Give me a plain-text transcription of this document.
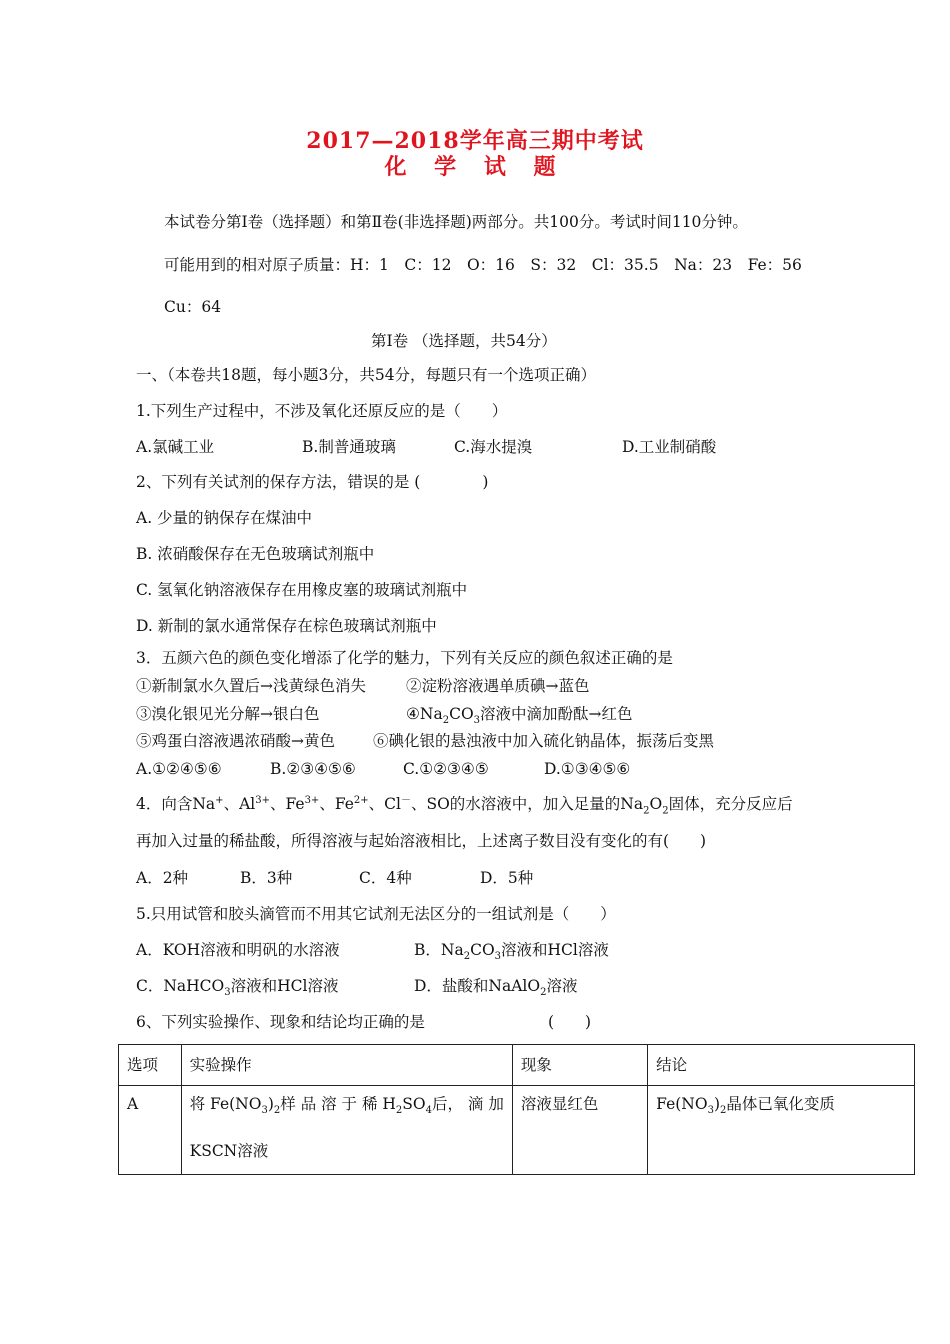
2017—2018学年高三期中考试
化 学 试 题
本试卷分第Ⅰ卷（选择题）和第Ⅱ卷(非选择题)两部分。共100分。考试时间110分钟。
可能用到的相对原子质量：H：1　C：12　O：16　S：32　Cl：35.5　Na：23　Fe：56
Cu：64
第Ⅰ卷 （选择题，共54分）
一、（本卷共18题，每小题3分，共54分，每题只有一个选项正确）
1.下列生产过程中，不涉及氧化还原反应的是（　　）
A.氯碱工业	B.制普通玻璃	C.海水提溴	D.工业制硝酸
2、下列有关试剂的保存方法，错误的是 (　　　　)
A. 少量的钠保存在煤油中
B. 浓硝酸保存在无色玻璃试剂瓶中
C. 氢氧化钠溶液保存在用橡皮塞的玻璃试剂瓶中
D. 新制的氯水通常保存在棕色玻璃试剂瓶中
3．五颜六色的颜色变化增添了化学的魅力，下列有关反应的颜色叙述正确的是
①新制氯水久置后→浅黄绿色消失	②淀粉溶液遇单质碘→蓝色
③溴化银见光分解→银白色	$④Na_2CO_3$溶液中滴加酚酞→红色
⑤鸡蛋白溶液遇浓硝酸→黄色 ⑥碘化银的悬浊液中加入硫化钠晶体，振荡后变黑
A.①②④⑤⑥	B.②③④⑤⑥	C.①②③④⑤	D.①③④⑤⑥
4．向含Na+、$Al^{3+}$、$Fe^{3+}$、$Fe^{2+}$、Cl－、SO的水溶液中，加入足量的$Na_2O_2$固体，充分反应后
再加入过量的稀盐酸，所得溶液与起始溶液相比，上述离子数目没有变化的有(　　)
A．2种	B．3种	C．4种	D．5种
5.只用试管和胶头滴管而不用其它试剂无法区分的一组试剂是（　　）
A．KOH溶液和明矾的水溶液	B．$Na_2CO_3$溶液和HCl溶液
C．NaHCO$_3$溶液和HCl溶液	D．盐酸和NaAlO$_2$溶液
6、下列实验操作、现象和结论均正确的是	(　　)
选项	实验操作	现象	结论
A	将 $Fe(NO_3)_2$样 品 溶 于 稀 $H_2SO_4$后， 滴 加
KSCN溶液	溶液显红色	$Fe(NO_3)_2$晶体已氧化变质
